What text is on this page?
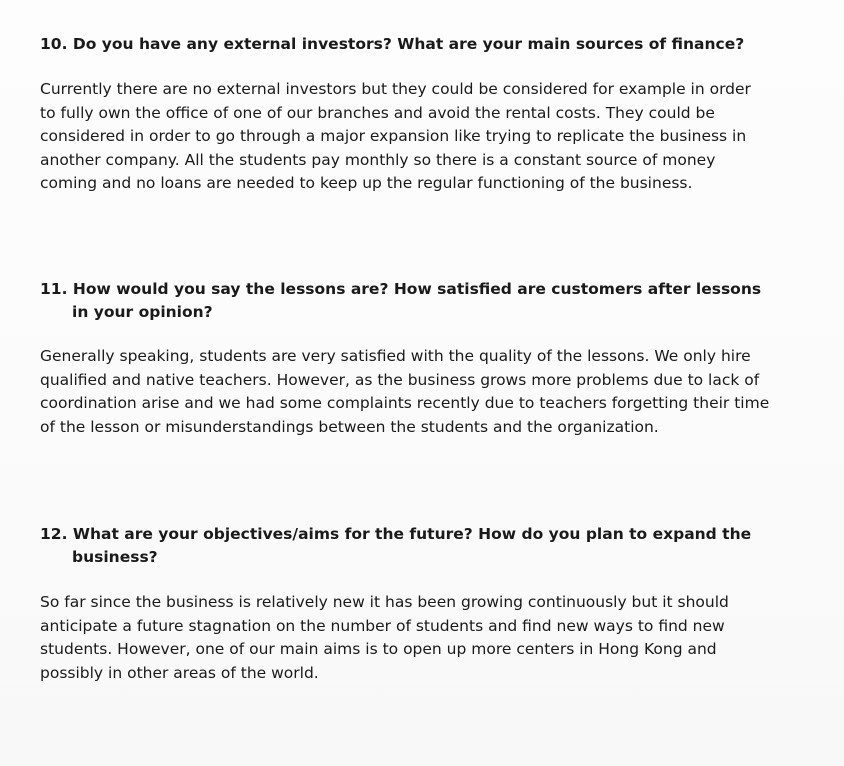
10. Do you have any external investors? What are your main sources of finance?

Currently there are no external investors but they could be considered for example in order to fully own the office of one of our branches and avoid the rental costs. They could be considered in order to go through a major expansion like trying to replicate the business in another company. All the students pay monthly so there is a constant source of money coming and no loans are needed to keep up the regular functioning of the business.

11. How would you say the lessons are? How satisfied are customers after lessons in your opinion?

Generally speaking, students are very satisfied with the quality of the lessons. We only hire qualified and native teachers. However, as the business grows more problems due to lack of coordination arise and we had some complaints recently due to teachers forgetting their time of the lesson or misunderstandings between the students and the organization.

12. What are your objectives/aims for the future? How do you plan to expand the business?

So far since the business is relatively new it has been growing continuously but it should anticipate a future stagnation on the number of students and find new ways to find new students. However, one of our main aims is to open up more centers in Hong Kong and possibly in other areas of the world.
